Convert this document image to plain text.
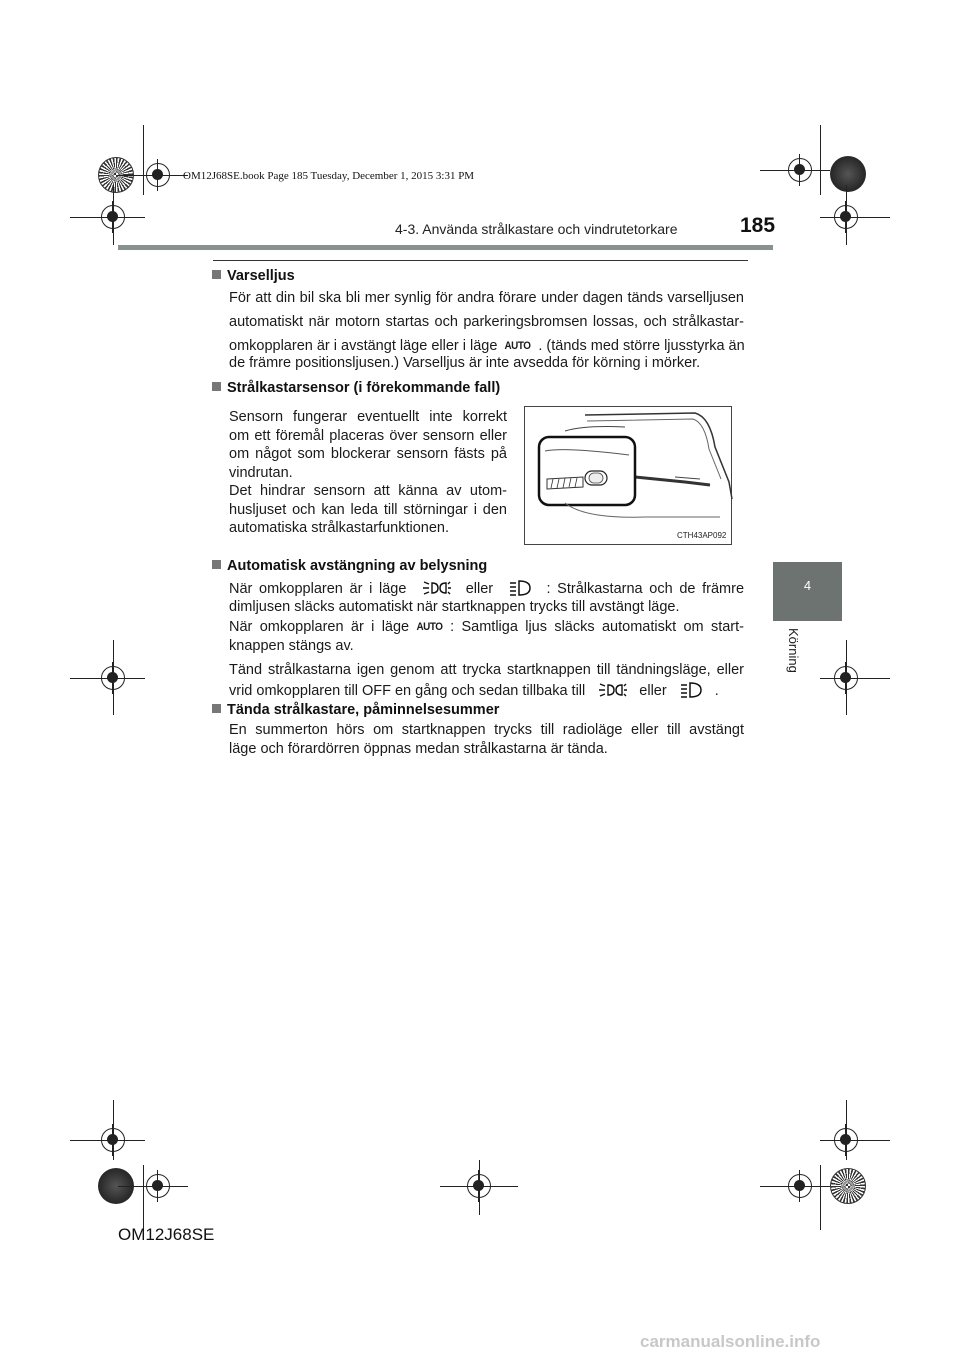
OM12J68SE.book Page 185 Tuesday, December 1, 2015 3:31 PM
4-3. Använda strålkastare och vindrutetorkare	185
4
Körning
Varselljus
För att din bil ska bli mer synlig för andra förare under dagen tänds varselljusen
automatiskt när motorn startas och parkeringsbromsen lossas, och strålkastar-
omkopplaren är i avstängt läge eller i läge AUTO . (tänds med större ljusstyrka än
de främre positionsljusen.) Varselljus är inte avsedda för körning i mörker.
Strålkastarsensor (i förekommande fall)
Sensorn fungerar eventuellt inte korrekt om ett föremål placeras över sensorn eller om något som blockerar sensorn fästs på vindrutan.
Det hindrar sensorn att känna av utom-husljuset och kan leda till störningar i den automatiska strålkastarfunktionen.	CTH43AP092
Automatisk avstängning av belysning
När omkopplaren är i läge	eller	: Strålkastarna och de främre
dimljusen släcks automatiskt när startknappen trycks till avstängt läge.
När omkopplaren är i läge AUTO : Samtliga ljus släcks automatiskt om start-
knappen stängs av.
Tänd strålkastarna igen genom att trycka startknappen till tändningsläge, eller
vrid omkopplaren till OFF en gång och sedan tillbaka till	eller	.
Tända strålkastare, påminnelsesummer
En summerton hörs om startknappen trycks till radioläge eller till avstängt
läge och förardörren öppnas medan strålkastarna är tända.
OM12J68SE
carmanualsonline.info
